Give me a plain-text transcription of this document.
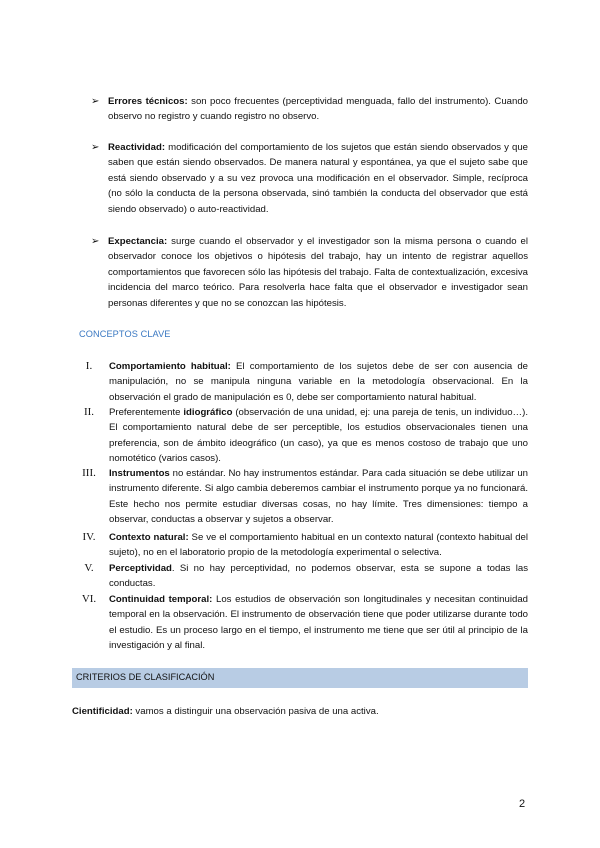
➢ Errores técnicos: son poco frecuentes (perceptividad menguada, fallo del instrumento). Cuando observo no registro y cuando registro no observo.

➢ Reactividad: modificación del comportamiento de los sujetos que están siendo observados y que saben que están siendo observados. De manera natural y espontánea, ya que el sujeto sabe que está siendo observado y a su vez provoca una modificación en el observador. Simple, recíproca (no sólo la conducta de la persona observada, sinó también la conducta del observador que está siendo observado) o auto-reactividad.

➢ Expectancia: surge cuando el observador y el investigador son la misma persona o cuando el observador conoce los objetivos o hipótesis del trabajo, hay un intento de registrar aquellos comportamientos que favorecen sólo las hipótesis del trabajo. Falta de contextualización, excesiva incidencia del marco teórico. Para resolverla hace falta que el observador e investigador sean personas diferentes y que no se conozcan las hipótesis.

CONCEPTOS CLAVE
I.	Comportamiento habitual: El comportamiento de los sujetos debe de ser con ausencia de manipulación, no se manipula ninguna variable en la metodología observacional. En la observación el grado de manipulación es 0, debe ser comportamiento natural habitual.

II.	Preferentemente idiográfico (observación de una unidad, ej: una pareja de tenis, un individuo…). El comportamiento natural debe de ser perceptible, los estudios observacionales tienen una preferencia, son de ámbito ideográfico (un caso), ya que es menos costoso de trabajo que uno nomotético (varios casos).

III.	Instrumentos no estándar. No hay instrumentos estándar. Para cada situación se debe utilizar un instrumento diferente. Si algo cambia deberemos cambiar el instrumento porque ya no funcionará. Este hecho nos permite estudiar diversas cosas, no hay límite. Tres dimensiones: tiempo a observar, conductas a observar y sujetos a observar.

IV.	Contexto natural: Se ve el comportamiento habitual en un contexto natural (contexto habitual del sujeto), no en el laboratorio propio de la metodología experimental o selectiva.

V.	Perceptividad. Si no hay perceptividad, no podemos observar, esta se supone a todas las conductas.

VI.	Continuidad temporal: Los estudios de observación son longitudinales y necesitan continuidad temporal en la observación. El instrumento de observación tiene que poder utilizarse durante todo el estudio. Es un proceso largo en el tiempo, el instrumento me tiene que ser útil al principio de la investigación y al final.

CRITERIOS DE CLASIFICACIÓN

Cientificidad: vamos a distinguir una observación pasiva de una activa.

2
